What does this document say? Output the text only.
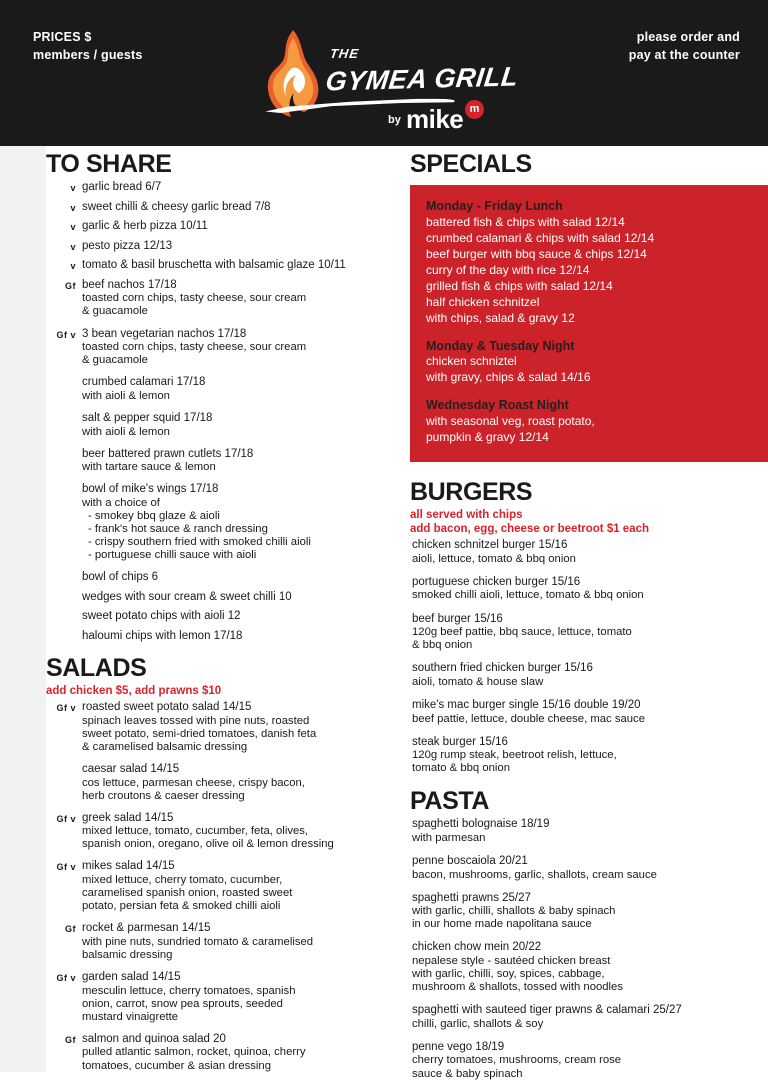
PRICES $
members / guests	THE
GYMEA GRILL
by mike m
please order and
pay at the counter
TO SHARE
v garlic bread 6/7
v sweet chilli & cheesy garlic bread 7/8
v garlic & herb pizza 10/11
v pesto pizza 12/13
v tomato & basil bruschetta with balsamic glaze 10/11
Gf beef nachos 17/18
toasted corn chips, tasty cheese, sour cream
& guacamole
Gf v 3 bean vegetarian nachos 17/18
toasted corn chips, tasty cheese, sour cream
& guacamole
crumbed calamari 17/18
with aioli & lemon
salt & pepper squid 17/18
with aioli & lemon
beer battered prawn cutlets 17/18
with tartare sauce & lemon
bowl of mike's wings 17/18
with a choice of
- smokey bbq glaze & aioli
- frank's hot sauce & ranch dressing
- crispy southern fried with smoked chilli aioli
- portuguese chilli sauce with aioli
bowl of chips 6
wedges with sour cream & sweet chilli 10
sweet potato chips with aioli 12
haloumi chips with lemon 17/18
SALADS
add chicken $5, add prawns $10
Gf v roasted sweet potato salad 14/15
spinach leaves tossed with pine nuts, roasted
sweet potato, semi-dried tomatoes, danish feta
& caramelised balsamic dressing
caesar salad 14/15
cos lettuce, parmesan cheese, crispy bacon,
herb croutons & caeser dressing
Gf v greek salad 14/15
mixed lettuce, tomato, cucumber, feta, olives,
spanish onion, oregano, olive oil & lemon dressing
Gf v mikes salad 14/15
mixed lettuce, cherry tomato, cucumber,
caramelised spanish onion, roasted sweet
potato, persian feta & smoked chilli aioli
Gf rocket & parmesan 14/15
with pine nuts, sundried tomato & caramelised
balsamic dressing
Gf v garden salad 14/15
mesculin lettuce, cherry tomatoes, spanish
onion, carrot, snow pea sprouts, seeded
mustard vinaigrette
Gf salmon and quinoa salad 20
pulled atlantic salmon, rocket, quinoa, cherry
tomatoes, cucumber & asian dressing
SPECIALS
Monday - Friday Lunch
battered fish & chips with salad 12/14
crumbed calamari & chips with salad 12/14
beef burger with bbq sauce & chips 12/14
curry of the day with rice 12/14
grilled fish & chips with salad 12/14
half chicken schnitzel
with chips, salad & gravy 12
Monday & Tuesday Night
chicken schniztel
with gravy, chips & salad 14/16
Wednesday Roast Night
with seasonal veg, roast potato,
pumpkin & gravy 12/14
BURGERS
all served with chips
add bacon, egg, cheese or beetroot $1 each
chicken schnitzel burger 15/16
aioli, lettuce, tomato & bbq onion
portuguese chicken burger 15/16
smoked chilli aioli, lettuce, tomato & bbq onion
beef burger 15/16
120g beef pattie, bbq sauce, lettuce, tomato
& bbq onion
southern fried chicken burger 15/16
aioli, tomato & house slaw
mike's mac burger single 15/16 double 19/20
beef pattie, lettuce, double cheese, mac sauce
steak burger 15/16
120g rump steak, beetroot relish, lettuce,
tomato & bbq onion
PASTA
spaghetti bolognaise 18/19
with parmesan
penne boscaiola 20/21
bacon, mushrooms, garlic, shallots, cream sauce
spaghetti prawns 25/27
with garlic, chilli, shallots & baby spinach
in our home made napolitana sauce
chicken chow mein 20/22
nepalese style - sautéed chicken breast
with garlic, chilli, soy, spices, cabbage,
mushroom & shallots, tossed with noodles
spaghetti with sauteed tiger prawns & calamari 25/27
chilli, garlic, shallots & soy
penne vego 18/19
cherry tomatoes, mushrooms, cream rose
sauce & baby spinach
